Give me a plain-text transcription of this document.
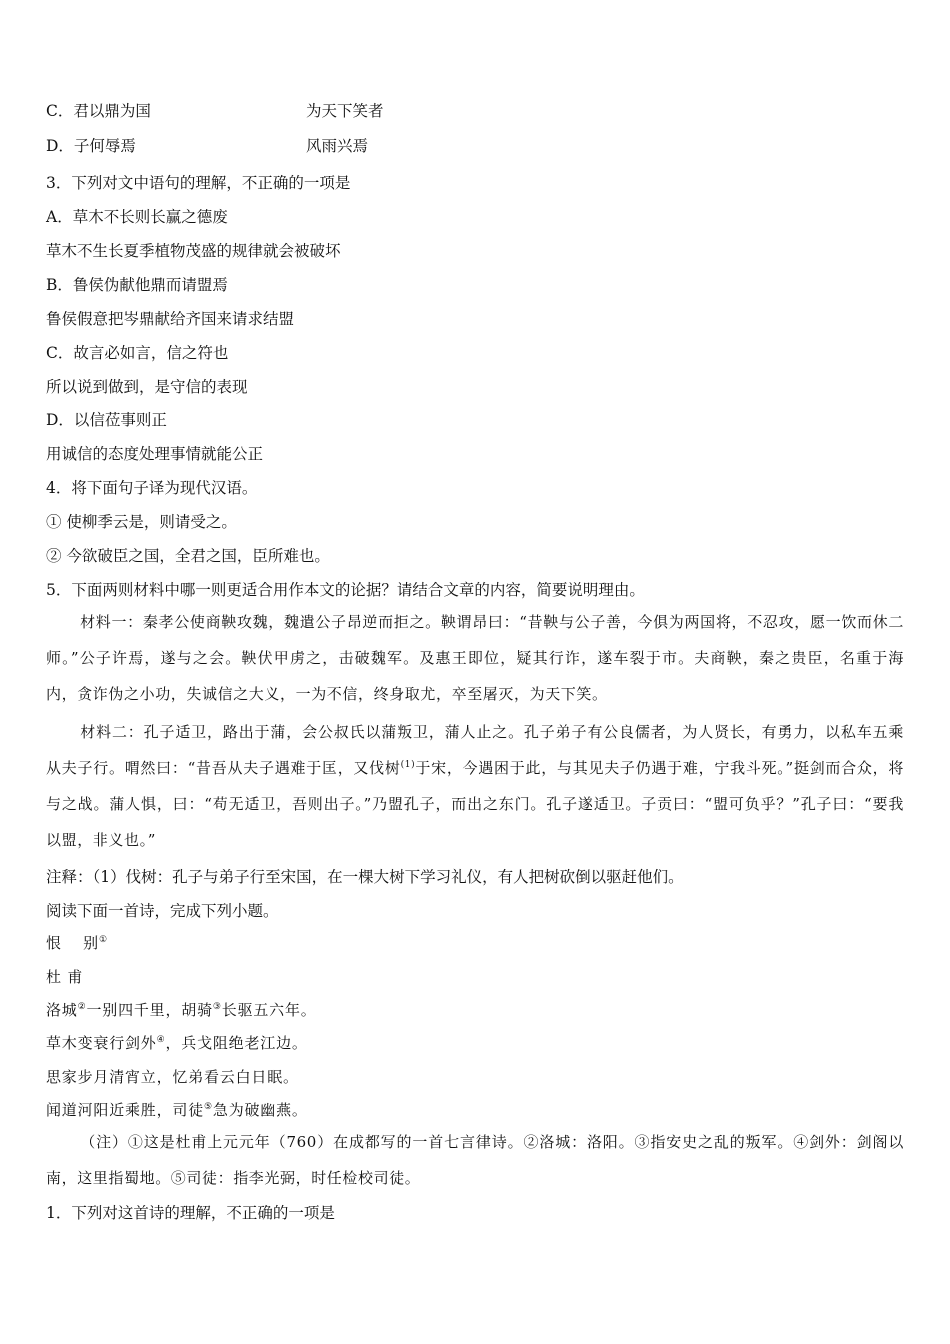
C．君以鼎为国	为天下笑者
D．子何辱焉	风雨兴焉
3．下列对文中语句的理解，不正确的一项是
A．草木不长则长赢之德废
草木不生长夏季植物茂盛的规律就会被破坏
B．鲁侯伪献他鼎而请盟焉
鲁侯假意把岑鼎献给齐国来请求结盟
C．故言必如言，信之符也
所以说到做到，是守信的表现
D．以信莅事则正
用诚信的态度处理事情就能公正
4．将下面句子译为现代汉语。
① 使柳季云是，则请受之。
② 今欲破臣之国，全君之国，臣所难也。
5．下面两则材料中哪一则更适合用作本文的论据？请结合文章的内容，简要说明理由。
材料一：秦孝公使商鞅攻魏，魏遣公子昂逆而拒之。鞅谓昂曰：“昔鞅与公子善，今俱为两国将，不忍攻，愿一饮而休二师。”公子许焉，遂与之会。鞅伏甲虏之，击破魏军。及惠王即位，疑其行诈，遂车裂于市。夫商鞅，秦之贵臣，名重于海内，贪诈伪之小功，失诚信之大义，一为不信，终身取尤，卒至屠灭，为天下笑。
材料二：孔子适卫，路出于蒲，会公叔氏以蒲叛卫，蒲人止之。孔子弟子有公良儒者，为人贤长，有勇力，以私车五乘从夫子行。喟然曰：“昔吾从夫子遇难于匡，又伐树$^{(1)}$于宋，今遇困于此，与其见夫子仍遇于难，宁我斗死。”挺剑而合众，将与之战。蒲人惧，曰：“苟无适卫，吾则出子。”乃盟孔子，而出之东门。孔子遂适卫。子贡曰：“盟可负乎？”孔子曰：“要我以盟，非义也。”
注释：（1）伐树：孔子与弟子行至宋国，在一棵大树下学习礼仪，有人把树砍倒以驱赶他们。
阅读下面一首诗，完成下列小题。
恨　 别①
杜 甫
洛城②一别四千里，胡骑③长驱五六年。
草木变衰行剑外④，兵戈阻绝老江边。
思家步月清宵立，忆弟看云白日眠。
闻道河阳近乘胜，司徒⑤急为破幽燕。
（注）①这是杜甫上元元年（760）在成都写的一首七言律诗。②洛城：洛阳。③指安史之乱的叛军。④剑外：剑阁以南，这里指蜀地。⑤司徒：指李光弼，时任检校司徒。
1．下列对这首诗的理解，不正确的一项是
